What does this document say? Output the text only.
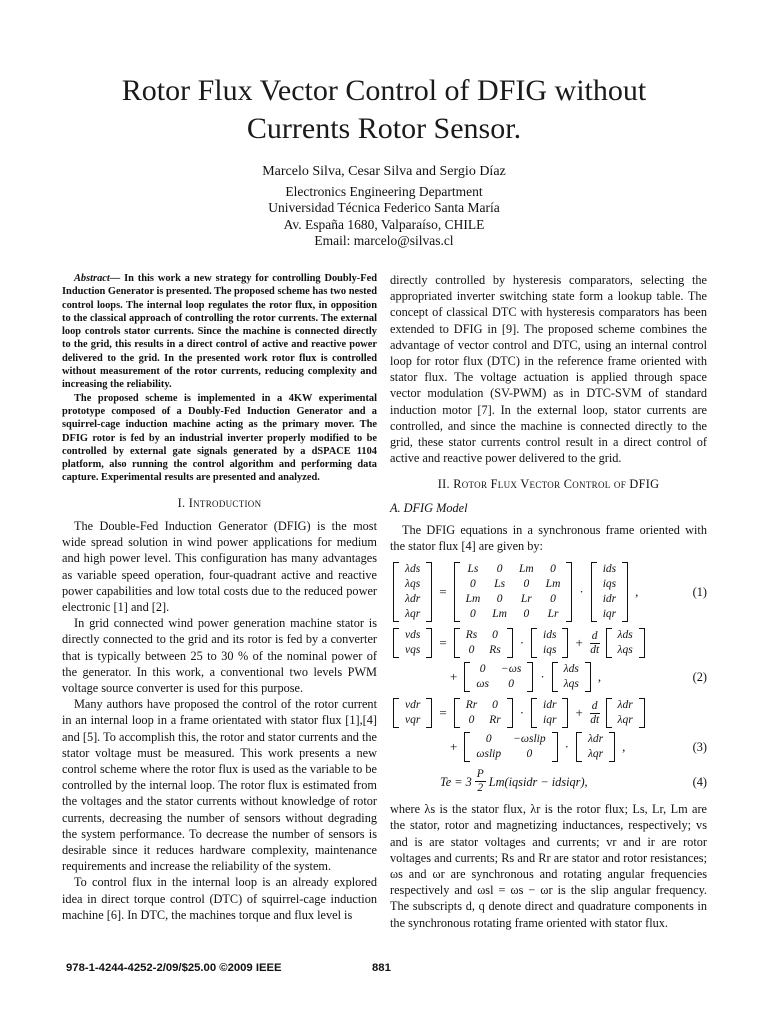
Rotor Flux Vector Control of DFIG without
Currents Rotor Sensor.
Marcelo Silva, Cesar Silva and Sergio Díaz
Electronics Engineering Department
Universidad Técnica Federico Santa María
Av. España 1680, Valparaíso, CHILE
Email: marcelo@silvas.cl

Abstract— In this work a new strategy for controlling Doubly-Fed Induction Generator is presented. The proposed scheme has two nested control loops. The internal loop regulates the rotor flux, in opposition to the classical approach of controlling the rotor currents. The external loop controls stator currents. Since the machine is connected directly to the grid, this results in a direct control of active and reactive power delivered to the grid. In the presented work rotor flux is controlled without measurement of the rotor currents, reducing complexity and increasing the reliability.

The proposed scheme is implemented in a 4KW experimental prototype composed of a Doubly-Fed Induction Generator and a squirrel-cage induction machine acting as the primary mover. The DFIG rotor is fed by an industrial inverter properly modified to be controlled by external gate signals generated by a dSPACE 1104 platform, also running the control algorithm and performing data capture. Experimental results are presented and analyzed.

I. Introduction

The Double-Fed Induction Generator (DFIG) is the most wide spread solution in wind power applications for medium and high power level. This configuration has many advantages as variable speed operation, four-quadrant active and reactive power capabilities and low total costs due to the reduced power electronic [1] and [2].

In grid connected wind power generation machine stator is directly connected to the grid and its rotor is fed by a converter that is typically between 25 to 30 % of the nominal power of the generator. In this work, a conventional two levels PWM voltage source converter is used for this purpose.

Many authors have proposed the control of the rotor current in an internal loop in a frame orientated with stator flux [1],[4] and [5]. To accomplish this, the rotor and stator currents and the stator voltage must be measured. This work presents a new control scheme where the rotor flux is used as the variable to be controlled by the internal loop. The rotor flux is estimated from the voltages and the stator currents without knowledge of rotor currents, decreasing the number of sensors without degrading the system performance. To decrease the number of sensors is desirable since it reduces hardware complexity, maintenance requirements and increase the reliability of the system.

To control flux in the internal loop is an already explored idea in direct torque control (DTC) of squirrel-cage induction machine [6]. In DTC, the machines torque and flux level is

directly controlled by hysteresis comparators, selecting the appropriated inverter switching state form a lookup table. The concept of classical DTC with hysteresis comparators has been extended to DFIG in [9]. The proposed scheme combines the advantage of vector control and DTC, using an internal control loop for rotor flux (DTC) in the reference frame oriented with stator flux. The voltage actuation is applied through space vector modulation (SV-PWM) as in DTC-SVM of standard induction motor [7]. In the external loop, stator currents are controlled, and since the machine is connected directly to the grid, these stator currents control result in a direct control of active and reactive power delivered to the grid.

II. Rotor Flux Vector Control of DFIG
A. DFIG Model

The DFIG equations in a synchronous frame oriented with the stator flux [4] are given by:

λds
λqs
λdr
λqr
=
Ls	0	Lm	0
0	Ls	0	Lm
Lm	0	Lr	0
0	Lm	0	Lr
·
ids
iqs
idr
iqr
,	(1)
vds
vqs
= Rs	0
0	Rs
· ids
iqs
+ $\frac{d}{dt}$ λds
λqs
+ 0	−ωs
ωs	0
· λds
λqs
,	(2)
vdr
vqr
= Rr	0
0	Rr
· idr
iqr
+ $\frac{d}{dt}$ λdr
λqr
+ 0	−ωslip
ωslip	0
· λdr
λqr
,	(3)
$Te = 3 \frac{P}{2}$ Lm(iqsidr − idsiqr),	(4)

where λs is the stator flux, λr is the rotor flux; Ls, Lr, Lm are the stator, rotor and magnetizing inductances, respectively; vs and is are stator voltages and currents; vr and ir are rotor voltages and currents; Rs and Rr are stator and rotor resistances; ωs and ωr are synchronous and rotating angular frequencies respectively and ωsl = ωs − ωr is the slip angular frequency. The subscripts d, q denote direct and quadrature components in the synchronous rotating frame oriented with stator flux.

978-1-4244-4252-2/09/$25.00 ©2009 IEEE	881
